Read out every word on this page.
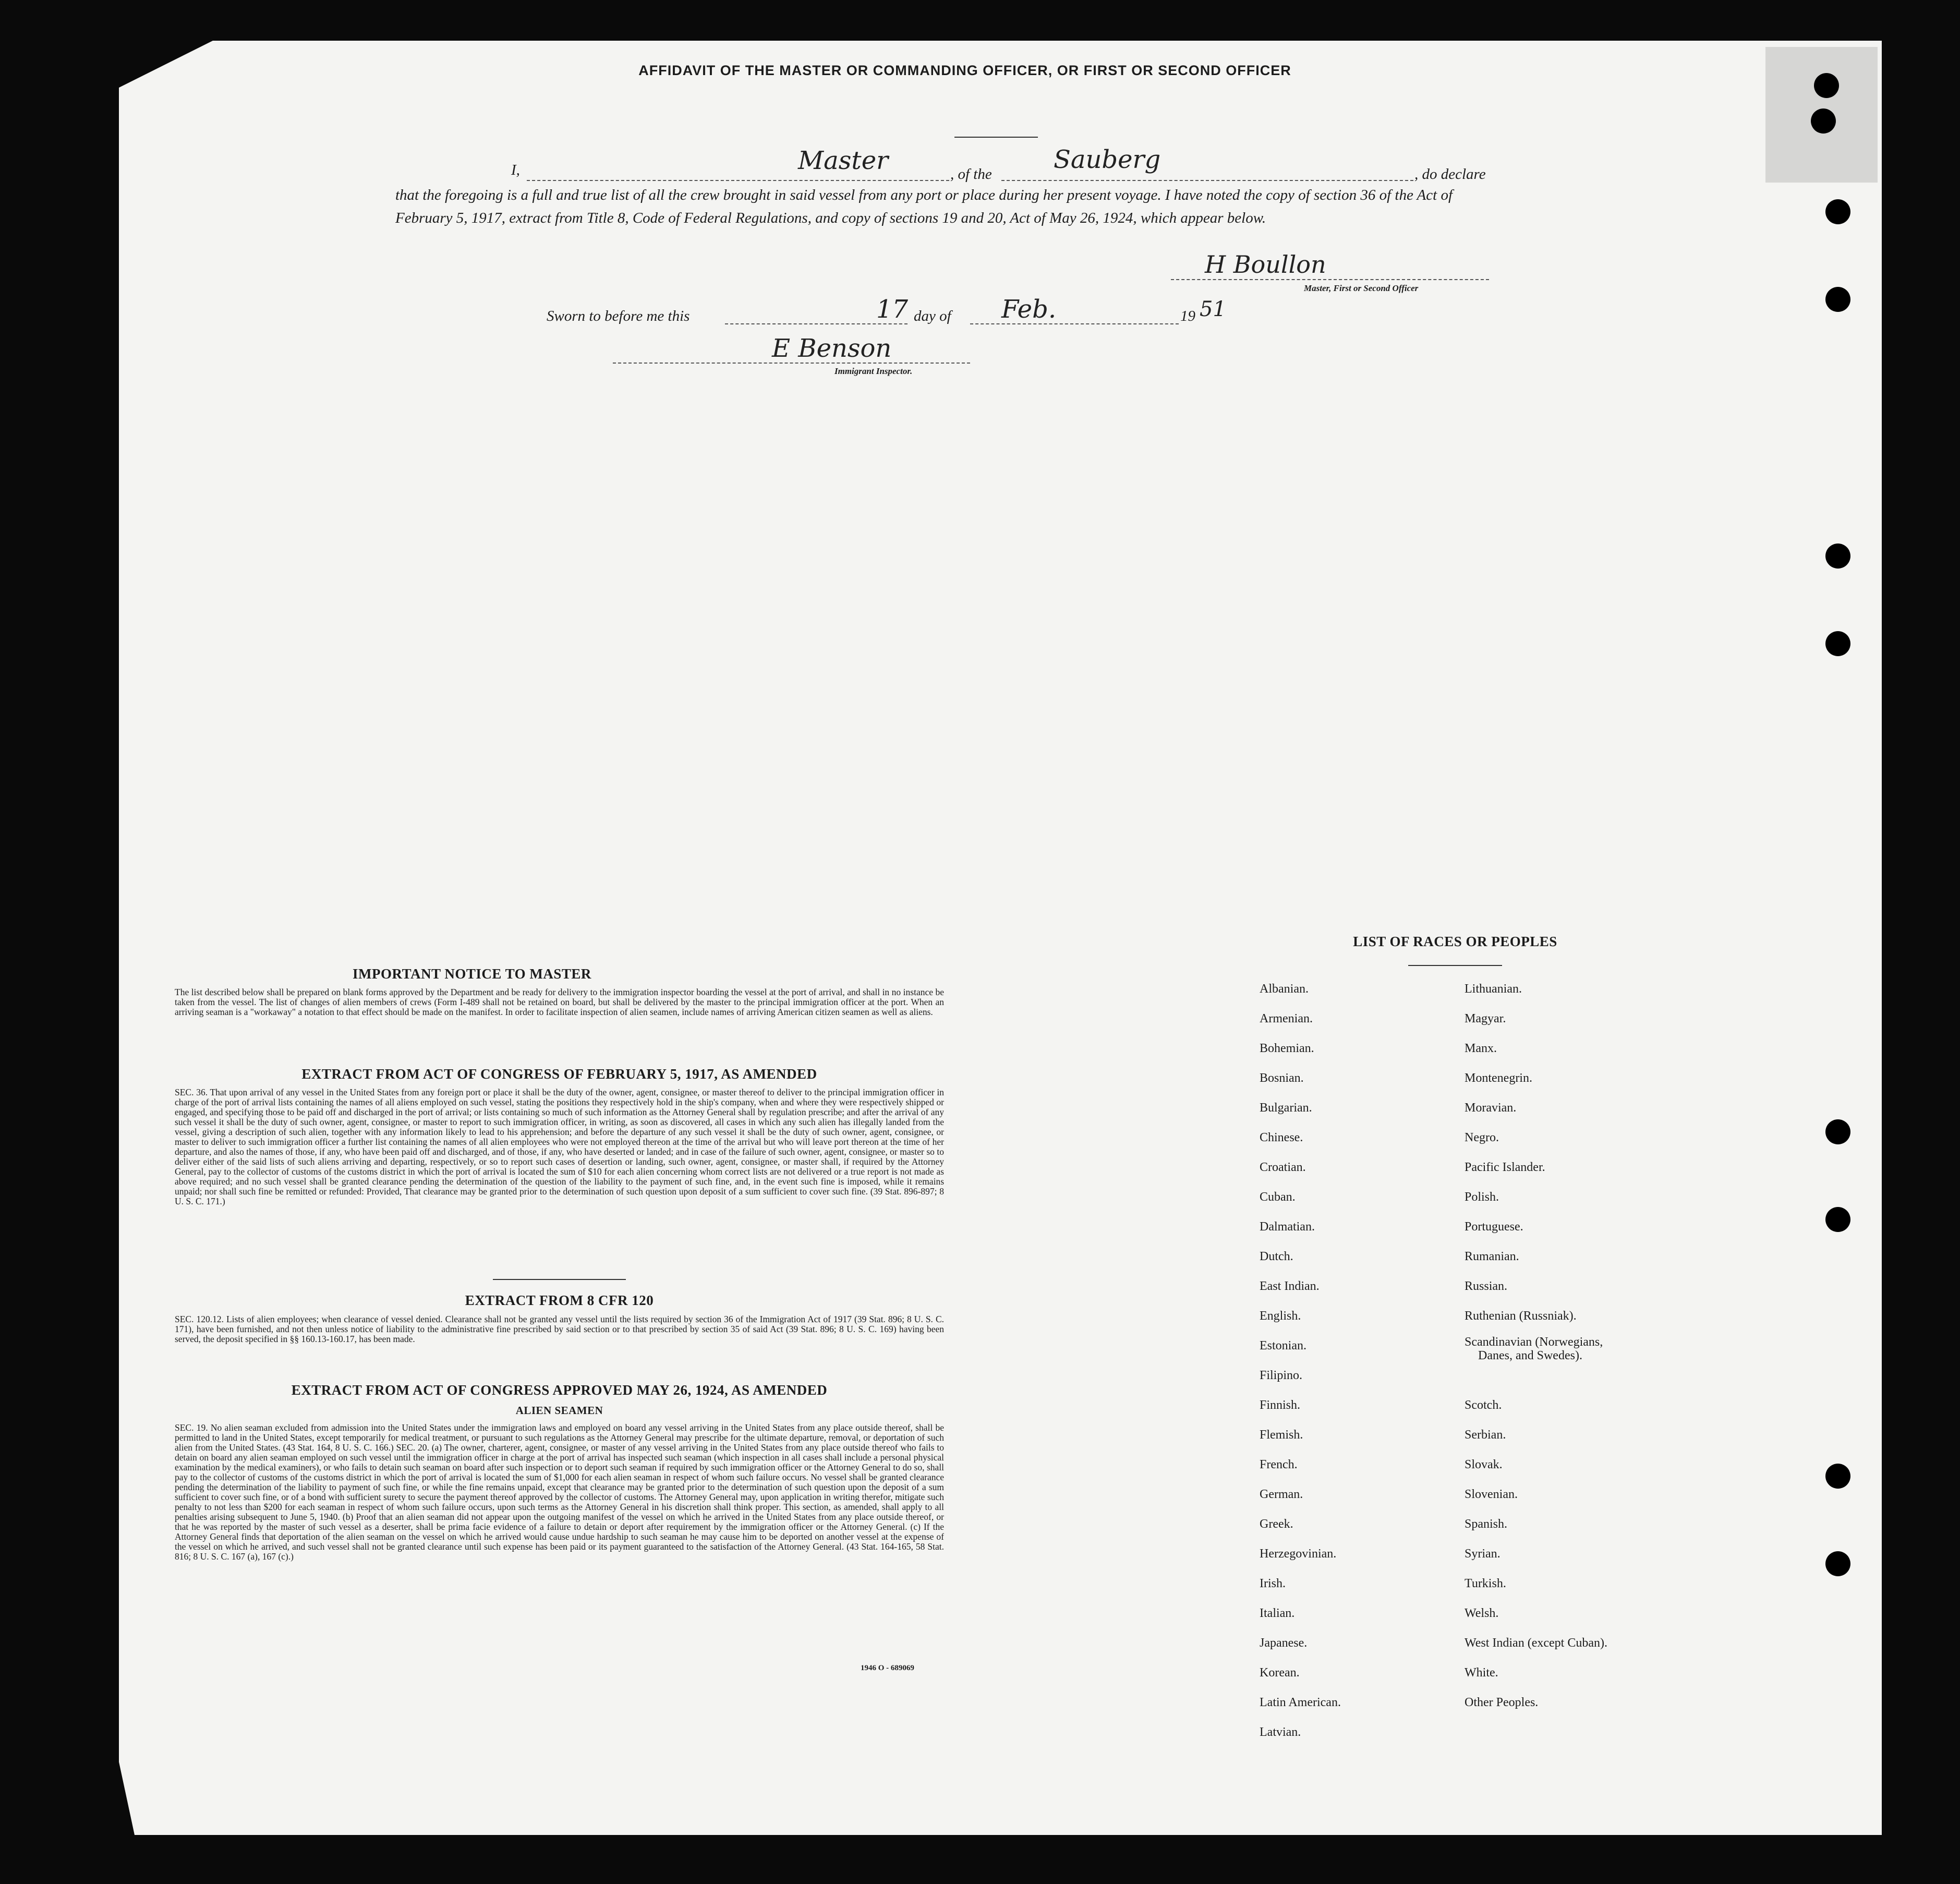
AFFIDAVIT OF THE MASTER OR COMMANDING OFFICER, OR FIRST OR SECOND OFFICER
I,	Master	, of the Sauberg	, do declare
that the foregoing is a full and true list of all the crew brought in said vessel from any port or place during her present voyage. I have noted the copy of section 36 of the Act of February 5, 1917, extract from Title 8, Code of Federal Regulations, and copy of sections 19 and 20, Act of May 26, 1924, which appear below.
H Boullon
Master, First or Second Officer
Sworn to before me this	17 day of Feb.	19 51
E Benson
Immigrant Inspector.
IMPORTANT NOTICE TO MASTER
The list described below shall be prepared on blank forms approved by the Department and be ready for delivery to the immigration inspector boarding the vessel at the port of arrival, and shall in no instance be taken from the vessel. The list of changes of alien members of crews (Form I-489 shall not be retained on board, but shall be delivered by the master to the principal immigration officer at the port. When an arriving seaman is a "workaway" a notation to that effect should be made on the manifest. In order to facilitate inspection of alien seamen, include names of arriving American citizen seamen as well as aliens.
EXTRACT FROM ACT OF CONGRESS OF FEBRUARY 5, 1917, AS AMENDED
SEC. 36. That upon arrival of any vessel in the United States from any foreign port or place it shall be the duty of the owner, agent, consignee, or master thereof to deliver to the principal immigration officer in charge of the port of arrival lists containing the names of all aliens employed on such vessel, stating the positions they respectively hold in the ship's company, when and where they were respectively shipped or engaged, and specifying those to be paid off and discharged in the port of arrival; or lists containing so much of such information as the Attorney General shall by regulation prescribe; and after the arrival of any such vessel it shall be the duty of such owner, agent, consignee, or master to report to such immigration officer, in writing, as soon as discovered, all cases in which any such alien has illegally landed from the vessel, giving a description of such alien, together with any information likely to lead to his apprehension; and before the departure of any such vessel it shall be the duty of such owner, agent, consignee, or master to deliver to such immigration officer a further list containing the names of all alien employees who were not employed thereon at the time of the arrival but who will leave port thereon at the time of her departure, and also the names of those, if any, who have been paid off and discharged, and of those, if any, who have deserted or landed; and in case of the failure of such owner, agent, consignee, or master so to deliver either of the said lists of such aliens arriving and departing, respectively, or so to report such cases of desertion or landing, such owner, agent, consignee, or master shall, if required by the Attorney General, pay to the collector of customs of the customs district in which the port of arrival is located the sum of $10 for each alien concerning whom correct lists are not delivered or a true report is not made as above required; and no such vessel shall be granted clearance pending the determination of the question of the liability to the payment of such fine, and, in the event such fine is imposed, while it remains unpaid; nor shall such fine be remitted or refunded: Provided, That clearance may be granted prior to the determination of such question upon deposit of a sum sufficient to cover such fine. (39 Stat. 896-897; 8 U. S. C. 171.)
EXTRACT FROM 8 CFR 120
SEC. 120.12. Lists of alien employees; when clearance of vessel denied. Clearance shall not be granted any vessel until the lists required by section 36 of the Immigration Act of 1917 (39 Stat. 896; 8 U. S. C. 171), have been furnished, and not then unless notice of liability to the administrative fine prescribed by said section or to that prescribed by section 35 of said Act (39 Stat. 896; 8 U. S. C. 169) having been served, the deposit specified in §§ 160.13-160.17, has been made.
EXTRACT FROM ACT OF CONGRESS APPROVED MAY 26, 1924, AS AMENDED
ALIEN SEAMEN
SEC. 19. No alien seaman excluded from admission into the United States under the immigration laws and employed on board any vessel arriving in the United States from any place outside thereof, shall be permitted to land in the United States, except temporarily for medical treatment, or pursuant to such regulations as the Attorney General may prescribe for the ultimate departure, removal, or deportation of such alien from the United States. (43 Stat. 164, 8 U. S. C. 166.) SEC. 20. (a) The owner, charterer, agent, consignee, or master of any vessel arriving in the United States from any place outside thereof who fails to detain on board any alien seaman employed on such vessel until the immigration officer in charge at the port of arrival has inspected such seaman (which inspection in all cases shall include a personal physical examination by the medical examiners), or who fails to detain such seaman on board after such inspection or to deport such seaman if required by such immigration officer or the Attorney General to do so, shall pay to the collector of customs of the customs district in which the port of arrival is located the sum of $1,000 for each alien seaman in respect of whom such failure occurs. No vessel shall be granted clearance pending the determination of the liability to payment of such fine, or while the fine remains unpaid, except that clearance may be granted prior to the determination of such question upon the deposit of a sum sufficient to cover such fine, or of a bond with sufficient surety to secure the payment thereof approved by the collector of customs. The Attorney General may, upon application in writing therefor, mitigate such penalty to not less than $200 for each seaman in respect of whom such failure occurs, upon such terms as the Attorney General in his discretion shall think proper. This section, as amended, shall apply to all penalties arising subsequent to June 5, 1940. (b) Proof that an alien seaman did not appear upon the outgoing manifest of the vessel on which he arrived in the United States from any place outside thereof, or that he was reported by the master of such vessel as a deserter, shall be prima facie evidence of a failure to detain or deport after requirement by the immigration officer or the Attorney General. (c) If the Attorney General finds that deportation of the alien seaman on the vessel on which he arrived would cause undue hardship to such seaman he may cause him to be deported on another vessel at the expense of the vessel on which he arrived, and such vessel shall not be granted clearance until such expense has been paid or its payment guaranteed to the satisfaction of the Attorney General. (43 Stat. 164-165, 58 Stat. 816; 8 U. S. C. 167 (a), 167 (c).)
1946 O - 689069
LIST OF RACES OR PEOPLES
Albanian.
Armenian.
Bohemian.
Bosnian.
Bulgarian.
Chinese.
Croatian.
Cuban.
Dalmatian.
Dutch.
East Indian.
English.
Estonian.
Filipino.
Finnish.
Flemish.
French.
German.
Greek.
Herzegovinian.
Irish.
Italian.
Japanese.
Korean.
Latin American.
Latvian.
Lithuanian.
Magyar.
Manx.
Montenegrin.
Moravian.
Negro.
Pacific Islander.
Polish.
Portuguese.
Rumanian.
Russian.
Ruthenian (Russniak).
Scandinavian (Norwegians,
Danes, and Swedes).
Scotch.
Serbian.
Slovak.
Slovenian.
Spanish.
Syrian.
Turkish.
Welsh.
West Indian (except Cuban).
White.
Other Peoples.
